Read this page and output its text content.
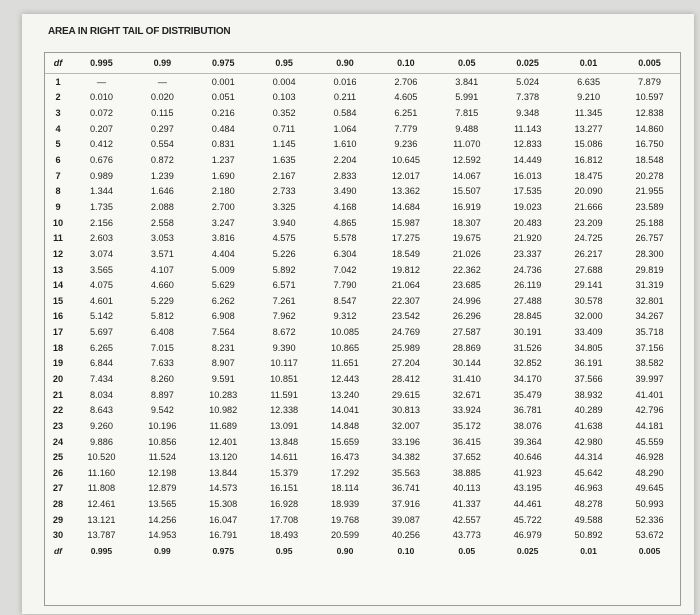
AREA IN RIGHT TAIL OF DISTRIBUTION
df	0.995	0.99	0.975	0.95	0.90	0.10	0.05	0.025	0.01	0.005
1	—	—	0.001	0.004	0.016	2.706	3.841	5.024	6.635	7.879
2	0.010	0.020	0.051	0.103	0.211	4.605	5.991	7.378	9.210	10.597
3	0.072	0.115	0.216	0.352	0.584	6.251	7.815	9.348	11.345	12.838
4	0.207	0.297	0.484	0.711	1.064	7.779	9.488	11.143	13.277	14.860
5	0.412	0.554	0.831	1.145	1.610	9.236	11.070	12.833	15.086	16.750
6	0.676	0.872	1.237	1.635	2.204	10.645	12.592	14.449	16.812	18.548
7	0.989	1.239	1.690	2.167	2.833	12.017	14.067	16.013	18.475	20.278
8	1.344	1.646	2.180	2.733	3.490	13.362	15.507	17.535	20.090	21.955
9	1.735	2.088	2.700	3.325	4.168	14.684	16.919	19.023	21.666	23.589
10	2.156	2.558	3.247	3.940	4.865	15.987	18.307	20.483	23.209	25.188
11	2.603	3.053	3.816	4.575	5.578	17.275	19.675	21.920	24.725	26.757
12	3.074	3.571	4.404	5.226	6.304	18.549	21.026	23.337	26.217	28.300
13	3.565	4.107	5.009	5.892	7.042	19.812	22.362	24.736	27.688	29.819
14	4.075	4.660	5.629	6.571	7.790	21.064	23.685	26.119	29.141	31.319
15	4.601	5.229	6.262	7.261	8.547	22.307	24.996	27.488	30.578	32.801
16	5.142	5.812	6.908	7.962	9.312	23.542	26.296	28.845	32.000	34.267
17	5.697	6.408	7.564	8.672	10.085	24.769	27.587	30.191	33.409	35.718
18	6.265	7.015	8.231	9.390	10.865	25.989	28.869	31.526	34.805	37.156
19	6.844	7.633	8.907	10.117	11.651	27.204	30.144	32.852	36.191	38.582
20	7.434	8.260	9.591	10.851	12.443	28.412	31.410	34.170	37.566	39.997
21	8.034	8.897	10.283	11.591	13.240	29.615	32.671	35.479	38.932	41.401
22	8.643	9.542	10.982	12.338	14.041	30.813	33.924	36.781	40.289	42.796
23	9.260	10.196	11.689	13.091	14.848	32.007	35.172	38.076	41.638	44.181
24	9.886	10.856	12.401	13.848	15.659	33.196	36.415	39.364	42.980	45.559
25	10.520	11.524	13.120	14.611	16.473	34.382	37.652	40.646	44.314	46.928
26	11.160	12.198	13.844	15.379	17.292	35.563	38.885	41.923	45.642	48.290
27	11.808	12.879	14.573	16.151	18.114	36.741	40.113	43.195	46.963	49.645
28	12.461	13.565	15.308	16.928	18.939	37.916	41.337	44.461	48.278	50.993
29	13.121	14.256	16.047	17.708	19.768	39.087	42.557	45.722	49.588	52.336
30	13.787	14.953	16.791	18.493	20.599	40.256	43.773	46.979	50.892	53.672
df	0.995	0.99	0.975	0.95	0.90	0.10	0.05	0.025	0.01	0.005
